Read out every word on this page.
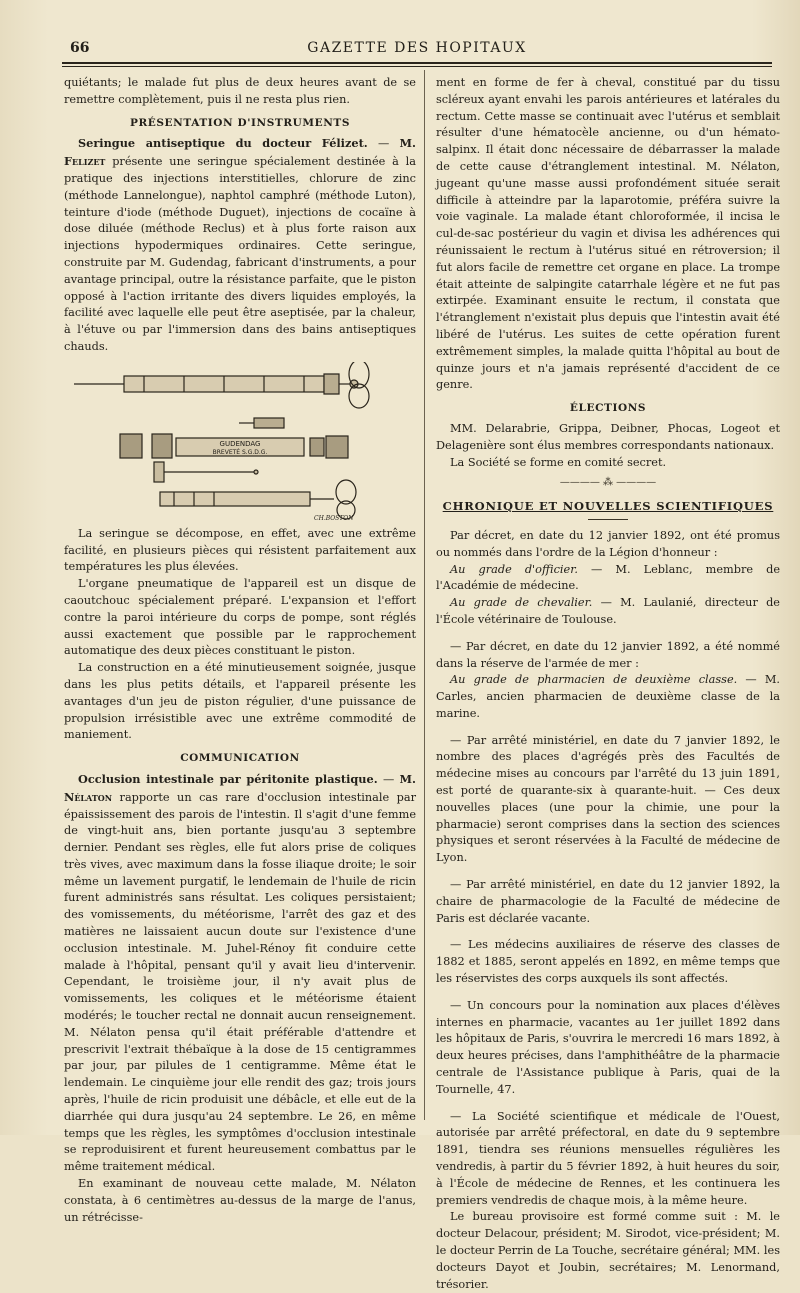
66	GAZETTE DES HOPITAUX

quiétants; le malade fut plus de deux heures avant de se remettre complètement, puis il ne resta plus rien.

PRÉSENTATION D'INSTRUMENTS

Seringue antiseptique du docteur Félizet. — M. Felizet présente une seringue spécialement destinée à la pratique des injections interstitielles, chlorure de zinc (méthode Lannelongue), naphtol camphré (méthode Luton), teinture d'iode (méthode Duguet), injections de cocaïne à dose diluée (méthode Reclus) et à plus forte raison aux injections hypodermiques ordinaires. Cette seringue, construite par M. Gudendag, fabricant d'instruments, a pour avantage principal, outre la résistance parfaite, que le piston opposé à l'action irritante des divers liquides employés, la facilité avec laquelle elle peut être aseptisée, par la chaleur, à l'étuve ou par l'immersion dans des bains antiseptiques chauds.

GUDENDAG
BREVETÉ S.G.D.G.
CH.BOSTON

La seringue se décompose, en effet, avec une extrême facilité, en plusieurs pièces qui résistent parfaitement aux températures les plus élevées.

L'organe pneumatique de l'appareil est un disque de caoutchouc spécialement préparé. L'expansion et l'effort contre la paroi intérieure du corps de pompe, sont réglés aussi exactement que possible par le rapprochement automatique des deux pièces constituant le piston.

La construction en a été minutieusement soignée, jusque dans les plus petits détails, et l'appareil présente les avantages d'un jeu de piston régulier, d'une puissance de propulsion irrésistible avec une extrême commodité de maniement.

COMMUNICATION

Occlusion intestinale par péritonite plastique. — M. Nélaton rapporte un cas rare d'occlusion intestinale par épaississement des parois de l'intestin. Il s'agit d'une femme de vingt-huit ans, bien portante jusqu'au 3 septembre dernier. Pendant ses règles, elle fut alors prise de coliques très vives, avec maximum dans la fosse iliaque droite; le soir même un lavement purgatif, le lendemain de l'huile de ricin furent administrés sans résultat. Les coliques persistaient; des vomissements, du météorisme, l'arrêt des gaz et des matières ne laissaient aucun doute sur l'existence d'une occlusion intestinale. M. Juhel-Rénoy fit conduire cette malade à l'hôpital, pensant qu'il y avait lieu d'intervenir. Cependant, le troisième jour, il n'y avait plus de vomissements, les coliques et le météorisme étaient modérés; le toucher rectal ne donnait aucun renseignement. M. Nélaton pensa qu'il était préférable d'attendre et prescrivit l'extrait thébaïque à la dose de 15 centigrammes par jour, par pilules de 1 centigramme. Même état le lendemain. Le cinquième jour elle rendit des gaz; trois jours après, l'huile de ricin produisit une débâcle, et elle eut de la diarrhée qui dura jusqu'au 24 septembre. Le 26, en même temps que les règles, les symptômes d'occlusion intestinale se reproduisirent et furent heureusement combattus par le même traitement médical.

En examinant de nouveau cette malade, M. Nélaton constata, à 6 centimètres au-dessus de la marge de l'anus, un rétrécisse-

ment en forme de fer à cheval, constitué par du tissu scléreux ayant envahi les parois antérieures et latérales du rectum. Cette masse se continuait avec l'utérus et semblait résulter d'une hématocèle ancienne, ou d'un hémato-salpinx. Il était donc nécessaire de débarrasser la malade de cette cause d'étranglement intestinal. M. Nélaton, jugeant qu'une masse aussi profondément située serait difficile à atteindre par la laparotomie, préféra suivre la voie vaginale. La malade étant chloroformée, il incisa le cul-de-sac postérieur du vagin et divisa les adhérences qui réunissaient le rectum à l'utérus situé en rétroversion; il fut alors facile de remettre cet organe en place. La trompe était atteinte de salpingite catarrhale légère et ne fut pas extirpée. Examinant ensuite le rectum, il constata que l'étranglement n'existait plus depuis que l'intestin avait été libéré de l'utérus. Les suites de cette opération furent extrêmement simples, la malade quitta l'hôpital au bout de quinze jours et n'a jamais représenté d'accident de ce genre.

ÉLECTIONS

MM. Delarabrie, Grippa, Deibner, Phocas, Logeot et Delagenière sont élus membres correspondants nationaux.

La Société se forme en comité secret.

———— ⁂ ————
CHRONIQUE ET NOUVELLES SCIENTIFIQUES

Par décret, en date du 12 janvier 1892, ont été promus ou nommés dans l'ordre de la Légion d'honneur :

Au grade d'officier. — M. Leblanc, membre de l'Académie de médecine.

Au grade de chevalier. — M. Laulanié, directeur de l'École vétérinaire de Toulouse.

— Par décret, en date du 12 janvier 1892, a été nommé dans la réserve de l'armée de mer :

Au grade de pharmacien de deuxième classe. — M. Carles, ancien pharmacien de deuxième classe de la marine.

— Par arrêté ministériel, en date du 7 janvier 1892, le nombre des places d'agrégés près des Facultés de médecine mises au concours par l'arrêté du 13 juin 1891, est porté de quarante-six à quarante-huit. — Ces deux nouvelles places (une pour la chimie, une pour la pharmacie) seront comprises dans la section des sciences physiques et seront réservées à la Faculté de médecine de Lyon.

— Par arrêté ministériel, en date du 12 janvier 1892, la chaire de pharmacologie de la Faculté de médecine de Paris est déclarée vacante.

— Les médecins auxiliaires de réserve des classes de 1882 et 1885, seront appelés en 1892, en même temps que les réservistes des corps auxquels ils sont affectés.

— Un concours pour la nomination aux places d'élèves internes en pharmacie, vacantes au 1er juillet 1892 dans les hôpitaux de Paris, s'ouvrira le mercredi 16 mars 1892, à deux heures précises, dans l'amphithéâtre de la pharmacie centrale de l'Assistance publique à Paris, quai de la Tournelle, 47.

— La Société scientifique et médicale de l'Ouest, autorisée par arrêté préfectoral, en date du 9 septembre 1891, tiendra ses réunions mensuelles régulières les vendredis, à partir du 5 février 1892, à huit heures du soir, à l'École de médecine de Rennes, et les continuera les premiers vendredis de chaque mois, à la même heure.

Le bureau provisoire est formé comme suit : M. le docteur Delacour, président; M. Sirodot, vice-président; M. le docteur Perrin de La Touche, secrétaire général; MM. les docteurs Dayot et Joubin, secrétaires; M. Lenormand, trésorier.
